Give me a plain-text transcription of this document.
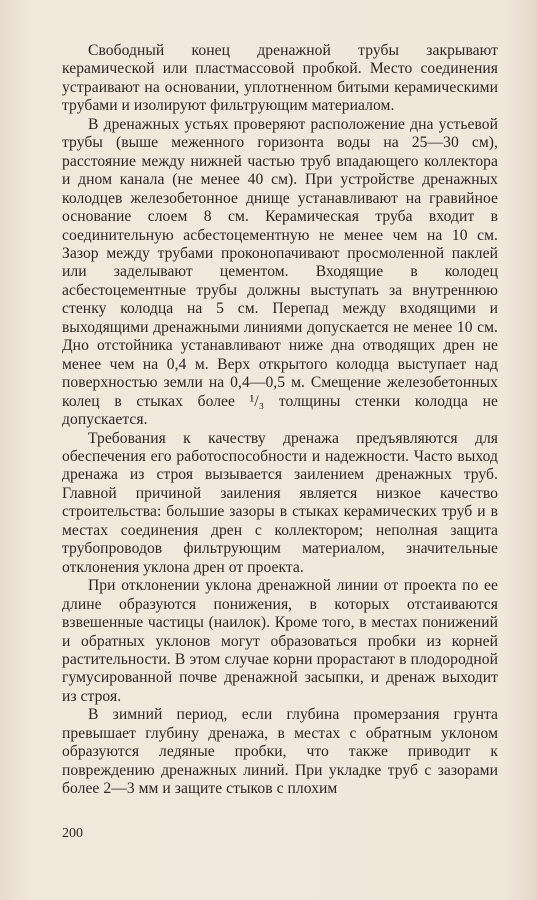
Свободный конец дренажной трубы закрывают керамической или пластмассовой пробкой. Место соединения устраивают на основании, уплотненном битыми керамическими трубами и изолируют фильтрующим материалом.

В дренажных устьях проверяют расположение дна устьевой трубы (выше меженного горизонта воды на 25—30 см), расстояние между нижней частью труб впадающего коллектора и дном канала (не менее 40 см). При устройстве дренажных колодцев железобетонное днище устанавливают на гравийное основание слоем 8 см. Керамическая труба входит в соединительную асбестоцементную не менее чем на 10 см. Зазор между трубами проконопачивают просмоленной паклей или заделывают цементом. Входящие в колодец асбестоцементные трубы должны выступать за внутреннюю стенку колодца на 5 см. Перепад между входящими и выходящими дренажными линиями допускается не менее 10 см. Дно отстойника устанавливают ниже дна отводящих дрен не менее чем на 0,4 м. Верх открытого колодца выступает над поверхностью земли на 0,4—0,5 м. Смещение железобетонных колец в стыках более ¹/₃ толщины стенки колодца не допускается.

Требования к качеству дренажа предъявляются для обеспечения его работоспособности и надежности. Часто выход дренажа из строя вызывается заилением дренажных труб. Главной причиной заиления является низкое качество строительства: большие зазоры в стыках керамических труб и в местах соединения дрен с коллектором; неполная защита трубопроводов фильтрующим материалом, значительные отклонения уклона дрен от проекта.

При отклонении уклона дренажной линии от проекта по ее длине образуются понижения, в которых отстаиваются взвешенные частицы (наилок). Кроме того, в местах понижений и обратных уклонов могут образоваться пробки из корней растительности. В этом случае корни прорастают в плодородной гумусированной почве дренажной засыпки, и дренаж выходит из строя.

В зимний период, если глубина промерзания грунта превышает глубину дренажа, в местах с обратным уклоном образуются ледяные пробки, что также приводит к повреждению дренажных линий. При укладке труб с зазорами более 2—3 мм и защите стыков с плохим

200
